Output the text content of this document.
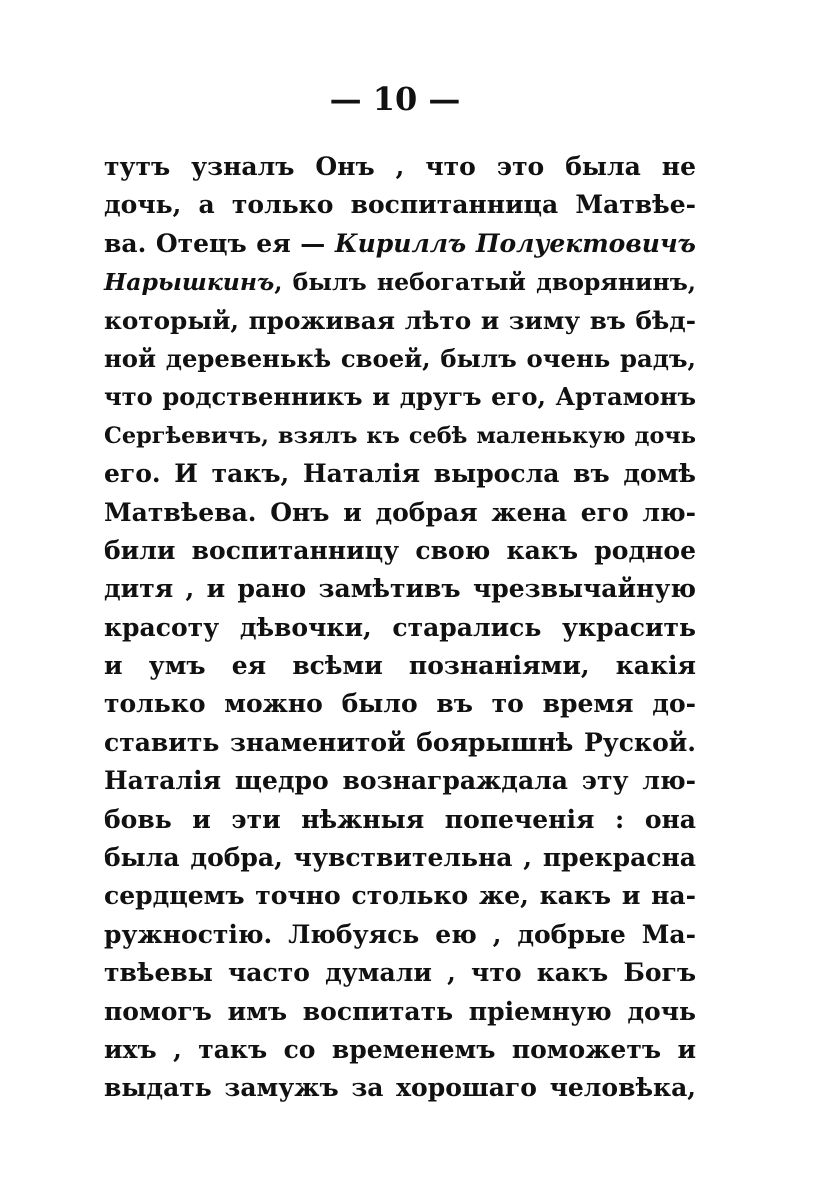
— 10 —
тутъ узналъ Онъ , что это была не
дочь, а только воспитанница Матвѣе-
ва. Отецъ ея — Кириллъ Полуектовичъ
Нарышкинъ, былъ небогатый дворянинъ,
который, проживая лѣто и зиму въ бѣд-
ной деревенькѣ своей, былъ очень радъ,
что родственникъ и другъ его, Артамонъ
Сергѣевичъ, взялъ къ себѣ маленькую дочь
его. И такъ, Наталія выросла въ домѣ
Матвѣева. Онъ и добрая жена его лю-
били воспитанницу свою какъ родное
дитя , и рано замѣтивъ чрезвычайную
красоту дѣвочки, старались украсить
и умъ ея всѣми познаніями, какія
только можно было въ то время до-
ставить знаменитой боярышнѣ Руской.
Наталія щедро вознаграждала эту лю-
бовь и эти нѣжныя попеченія : она
была добра, чувствительна , прекрасна
сердцемъ точно столько же, какъ и на-
ружностію. Любуясь ею , добрые Ма-
твѣевы часто думали , что какъ Богъ
помогъ имъ воспитать пріемную дочь
ихъ , такъ со временемъ поможетъ и
выдать замужъ за хорошаго человѣка,
